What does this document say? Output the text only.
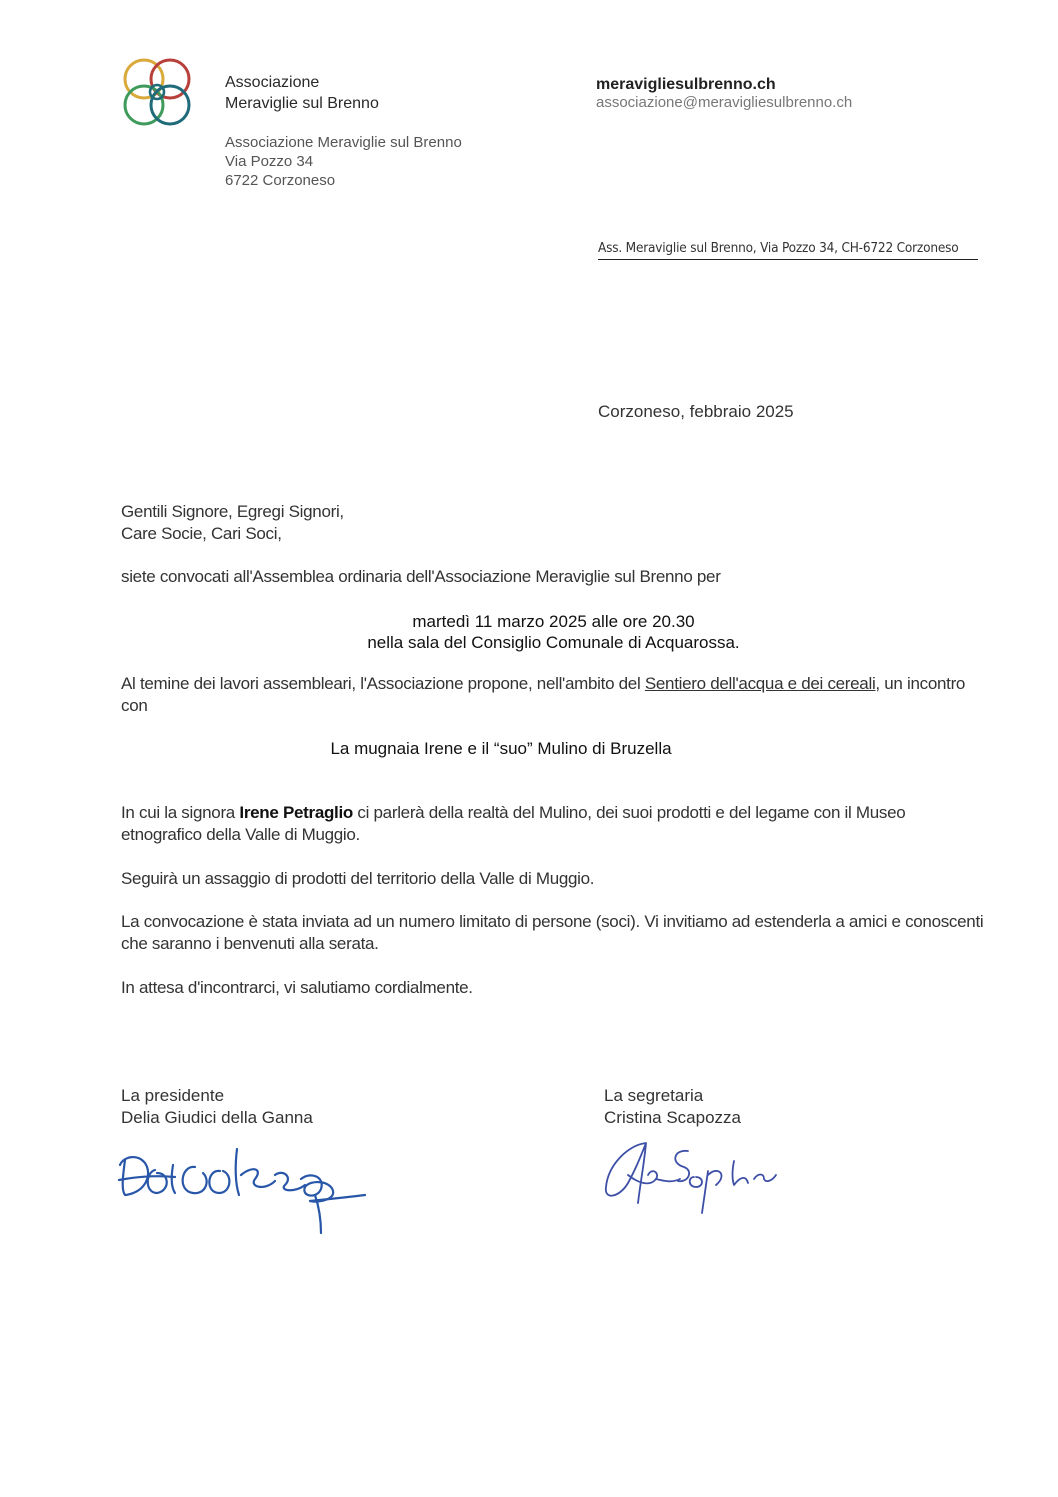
Associazione
Meraviglie sul Brenno
Associazione Meraviglie sul Brenno
Via Pozzo 34
6722 Corzoneso
meravigliesulbrenno.ch
associazione@meravigliesulbrenno.ch
Ass. Meraviglie sul Brenno, Via Pozzo 34, CH-6722 Corzoneso
Corzoneso, febbraio 2025
Gentili Signore, Egregi Signori,
Care Socie, Cari Soci,
siete convocati all'Assemblea ordinaria dell'Associazione Meraviglie sul Brenno per
martedì 11 marzo 2025 alle ore 20.30
nella sala del Consiglio Comunale di Acquarossa.
Al temine dei lavori assembleari, l'Associazione propone, nell'ambito del Sentiero dell'acqua e dei cereali, un incontro con
La mugnaia Irene e il “suo” Mulino di Bruzella
In cui la signora Irene Petraglio ci parlerà della realtà del Mulino, dei suoi prodotti e del legame con il Museo etnografico della Valle di Muggio.
Seguirà un assaggio di prodotti del territorio della Valle di Muggio.
La convocazione è stata inviata ad un numero limitato di persone (soci). Vi invitiamo ad estenderla a amici e conoscenti che saranno i benvenuti alla serata.
In attesa d'incontrarci, vi salutiamo cordialmente.
La presidente
Delia Giudici della Ganna
La segretaria
Cristina Scapozza
